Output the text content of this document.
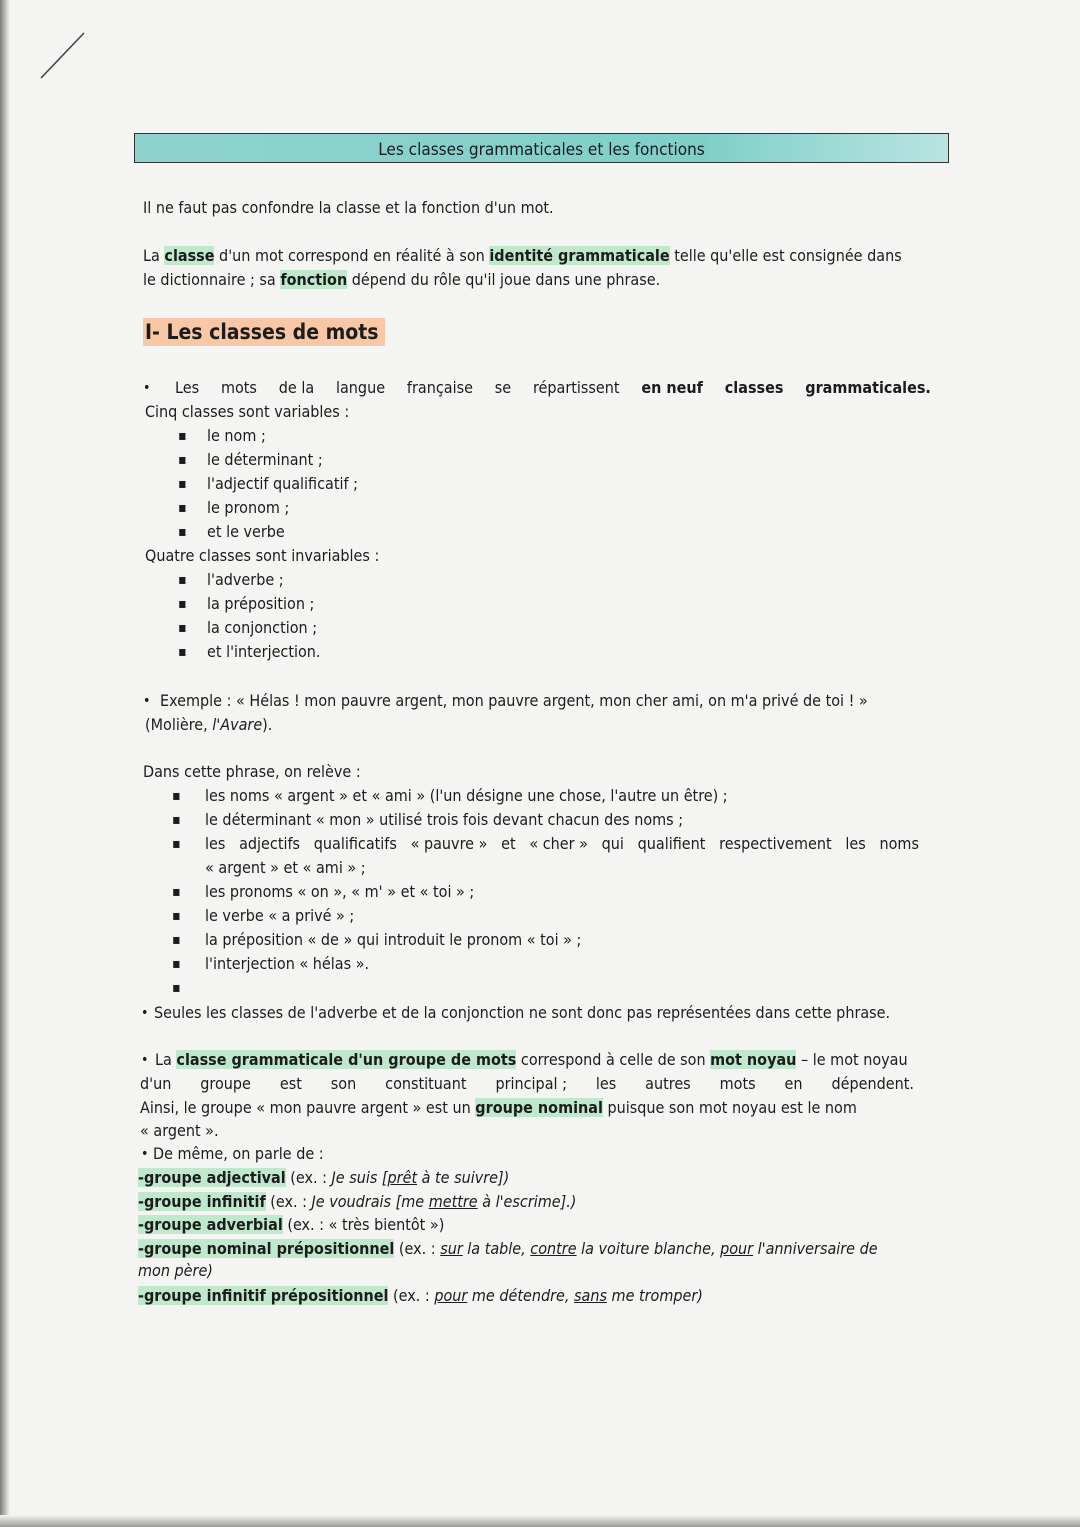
Les classes grammaticales et les fonctions
Il ne faut pas confondre la classe et la fonction d'un mot.
La classe d'un mot correspond en réalité à son identité grammaticale telle qu'elle est consignée dans
le dictionnaire ; sa fonction dépend du rôle qu'il joue dans une phrase.
I- Les classes de mots
• Les mots de la langue française se répartissent en neuf classes grammaticales.
Cinq classes sont variables :
▪ le nom ;
▪ le déterminant ;
▪ l'adjectif qualificatif ;
▪ le pronom ;
▪ et le verbe
Quatre classes sont invariables :
▪ l'adverbe ;
▪ la préposition ;
▪ la conjonction ;
▪ et l'interjection.
• Exemple : « Hélas ! mon pauvre argent, mon pauvre argent, mon cher ami, on m'a privé de toi ! »
(Molière, l'Avare).
Dans cette phrase, on relève :
▪ les noms « argent » et « ami » (l'un désigne une chose, l'autre un être) ;
▪ le déterminant « mon » utilisé trois fois devant chacun des noms ;
▪ les adjectifs qualificatifs « pauvre » et « cher » qui qualifient respectivement les noms
« argent » et « ami » ;
▪ les pronoms « on », « m' » et « toi » ;
▪ le verbe « a privé » ;
▪ la préposition « de » qui introduit le pronom « toi » ;
▪ l'interjection « hélas ».
▪
• Seules les classes de l'adverbe et de la conjonction ne sont donc pas représentées dans cette phrase.
• La classe grammaticale d'un groupe de mots correspond à celle de son mot noyau – le mot noyau
d'un groupe est son constituant principal ; les autres mots en dépendent.
Ainsi, le groupe « mon pauvre argent » est un groupe nominal puisque son mot noyau est le nom
« argent ».
• De même, on parle de :
-groupe adjectival (ex. : Je suis [prêt à te suivre])
-groupe infinitif (ex. : Je voudrais [me mettre à l'escrime].)
-groupe adverbial (ex. : « très bientôt »)
-groupe nominal prépositionnel (ex. : sur la table, contre la voiture blanche, pour l'anniversaire de
mon père)
-groupe infinitif prépositionnel (ex. : pour me détendre, sans me tromper)
